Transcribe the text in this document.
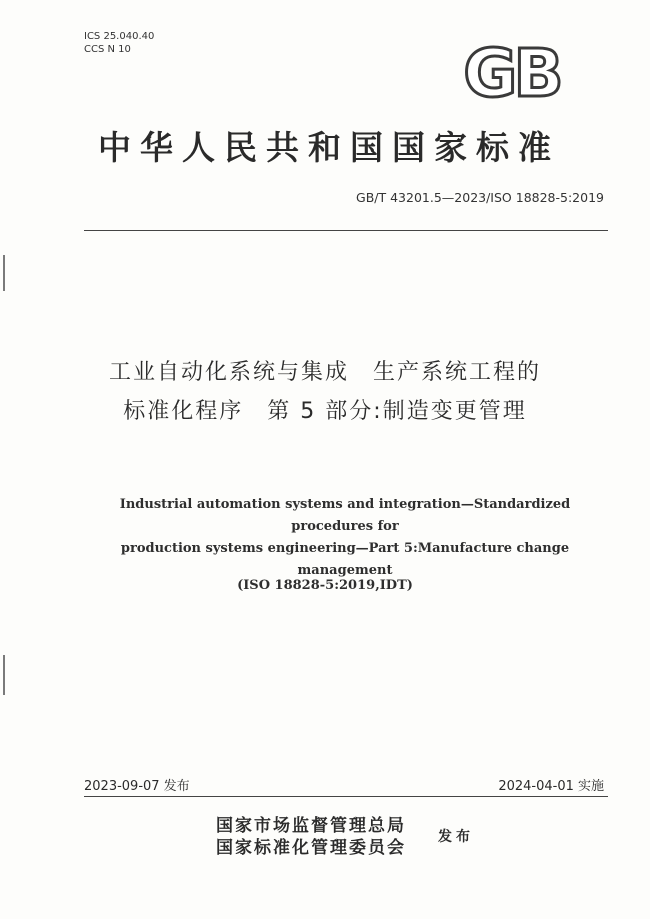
ICS 25.040.40
CCS N 10	GB
中华人民共和国国家标准
GB/T 43201.5—2023/ISO 18828-5:2019
工业自动化系统与集成　生产系统工程的
标准化程序　第 5 部分:制造变更管理
Industrial automation systems and integration—Standardized procedures for
production systems engineering—Part 5:Manufacture change management
(ISO 18828-5:2019,IDT)
2023-09-07 发布	2024-04-01 实施
国家市场监督管理总局
国家标准化管理委员会
发布
